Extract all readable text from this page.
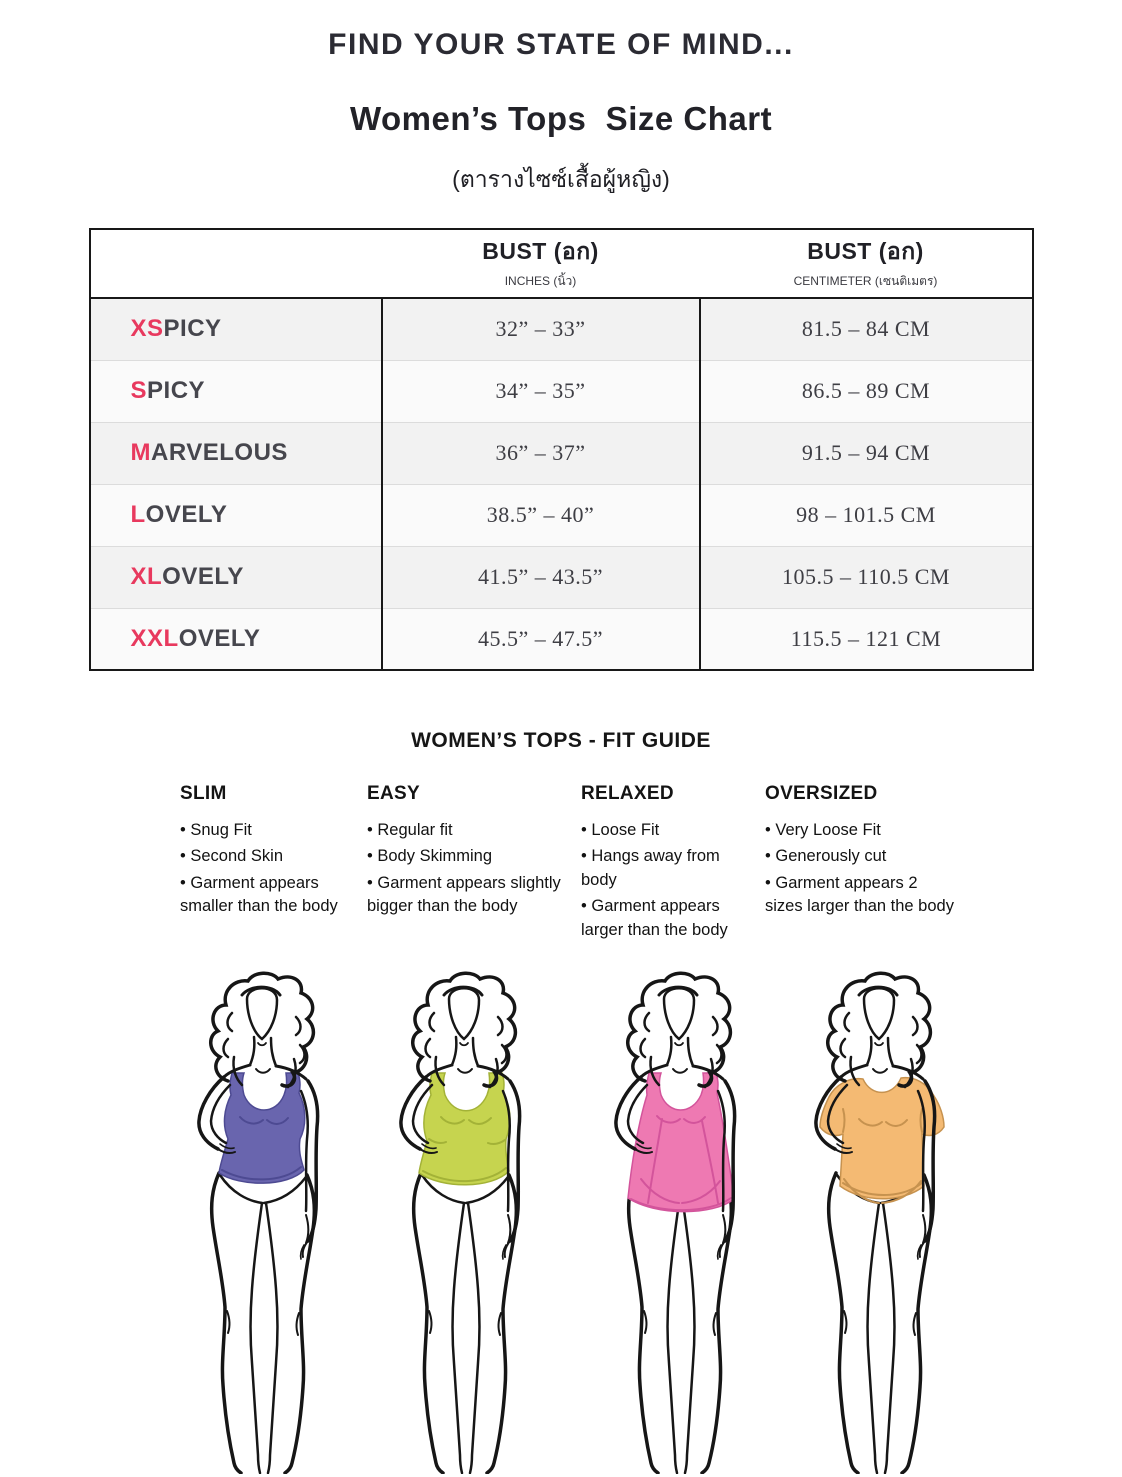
FIND YOUR STATE OF MIND...
Women’s Tops  Size Chart
(ตารางไซซ์เสื้อผู้หญิง)

BUST (อก)
INCHES (นิ้ว)

BUST (อก)
CENTIMETER (เซนติเมตร)

XSPICY	32” – 33”	81.5 – 84 CM
SPICY	34” – 35”	86.5 – 89 CM
MARVELOUS	36” – 37”	91.5 – 94 CM
LOVELY	38.5” – 40”	98 – 101.5 CM
XLOVELY	41.5” – 43.5”	105.5 – 110.5 CM
XXLOVELY	45.5” – 47.5”	115.5 – 121 CM
WOMEN’S TOPS - FIT GUIDE
SLIM
• Snug Fit
• Second Skin
• Garment appears smaller than the body
EASY
• Regular fit
• Body Skimming
• Garment appears slightly bigger than the body
RELAXED
• Loose Fit
• Hangs away from body
• Garment appears larger than the body
OVERSIZED
• Very Loose Fit
• Generously cut
• Garment appears 2 sizes larger than the body
